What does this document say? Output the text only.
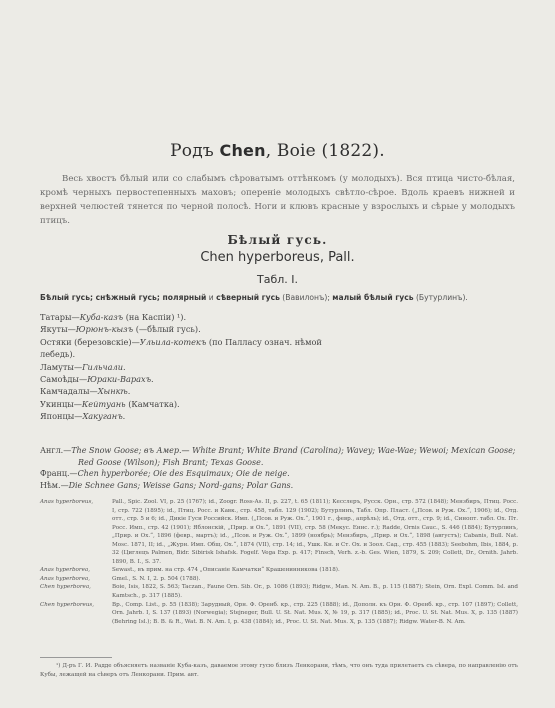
Родъ Chen, Boie (1822).
Весь хвостъ бѣлый или со слабымъ сѣроватымъ оттѣнкомъ (у молодыхъ). Вся птица чисто-бѣлая, кромѣ черныхъ первостепенныхъ маховъ; оперенiе молодыхъ свѣтло-сѣрое. Вдоль краевъ нижней и верхней челюстей тянется по черной полосѣ. Ноги и клювъ красные у взрослыхъ и сѣрые у молодыхъ птицъ.
Бѣлый гусь.
Chen hyperboreus, Pall.
Табл. I.
Бѣлый гусь; снѣжный гусь; полярный и сѣверный гусь (Вавилонъ); малый бѣлый гусь (Бутурлинъ).
Татары—Куба-казъ (на Каспiи) ¹).
Якуты—Юрюнъ-кызъ (—бѣлый гусь).
Остяки (березовскiе)—Ульила-котекъ (по Палласу означ. нѣмой лебедь).
Ламуты—Гильчали.
Самоѣды—Юраки-Варахъ.
Камчадалы—Хынкѣ.
Укинцы—Кейтуань (Камчатка).
Японцы—Хакуганъ.

Англ.—The Snow Goose; въ Амер.— White Brant; White Brand (Carolina); Wavey; Wae-Wae; Wewoi; Mexican Goose; Red Goose (Wilson); Fish Brant; Texas Goose.

Франц.—Chen hyperborée; Oie des Esquimaux; Oie de neige.

Нѣм.—Die Schnee Gans; Weisse Gans; Nord-gans; Polar Gans.

Anas hyperboreus,	Pall., Spic. Zool. VI, p. 25 (1767); id., Zoogr. Ross-As. II, p. 227, t. 65 (1811); Кесслеръ, Русск. Орн., стр. 572 (1848); Мензбиръ, Птиц. Росс. I, стр. 722 (1895); id., Птиц. Росс. и Кавк., стр. 458, табл. 129 (1902); Бутурлинъ, Табл. Опр. Плаcт. („Псов. и Руж. Ох.“, 1906); id., Отд. отт., стр. 5 и 6; id., Дикiе Гуси Российск. Имп. („Псов. и Руж. Ох.“, 1901 г., февр., апрѣль); id., Отд. отт., стр. 9; id., Синопт. табл. Ох. Пт. Росс. Имп., стр. 42 (1901); Яблонскiй, „Прир. и Ох.“, 1891 (VII), стр. 58 (Мекус. Еннс. г.); Radde, Ornis Cauc., S. 446 (1884); Бутурлинъ, „Прир. и Ох.“, 1896 (февр., мартъ); id., „Псов. и Руж. Ох.“, 1899 (ноябрь); Мензбиръ, „Прир. и Ох.“, 1898 (августъ); Cabanis, Bull. Nat. Mosc. 1871, II; id., „Журн. Имп. Общ. Ох.“, 1874 (VII), стр. 14; id., Ушк. Кн. и Ст. Ох. и Зоол. Сад., стр. 455 (1883); Seebohm, Ibis, 1884, p. 32 (Циглецъ Palmen, Bidr. Sibirisk Ishafsk. Fogelf. Vega Exp. p. 417; Finsch, Verh. z.-b. Ges. Wien, 1879, S. 209; Collett, Dr., Ornith. Jahrb. 1890, B. I., S. 37.
Anas hyperborea,	Sewast., въ прим. на стр. 474 „Описанiе Камчатки“ Крашенинникова (1818).
Anas hyperborea,	Gmel., S. N. I, 2. p. 504 (1788).
Chen hyperborea,	Boie, Isis, 1822, S. 563; Taczan., Faune Orn. Sib. Or., p. 1086 (1893); Ridgw., Man. N. Am. B., p. 115 (1887); Stein, Orn. Expl. Comm. Isl. and Kamtsch., p. 317 (1885).
Chen hyperboreus,	Bp., Comp. List., p. 55 (1838); Зарудный, Орн. Ф. Оренб. кр., стр. 225 (1888); id., Дополн. къ Орн. Ф. Оренб. кр., стр. 107 (1897); Collett, Orn. Jahrb. I, S. 137 (1893) (Norwegia); Stejneger, Bull. U. St. Nat. Mus. X, № 19, p. 317 (1885); id., Proc. U. St. Nat. Mus. X, p. 135 (1887) (Behring Isl.); B. B. & R., Wat. B. N. Am. I, p. 438 (1884); id., Proc. U. St. Nat. Mus. X, p. 135 (1887); Ridgw. Water-B. N. Am.
¹) Д-ръ Г. И. Радде объясняетъ названiе Куба-казъ, даваемое этому гусю близъ Ленкорани, тѣмъ, что онъ туда прилетаетъ съ сѣвера, по направленiю отъ Кубы, лежащей на сѣверъ отъ Ленкорани. Прим. авт.
